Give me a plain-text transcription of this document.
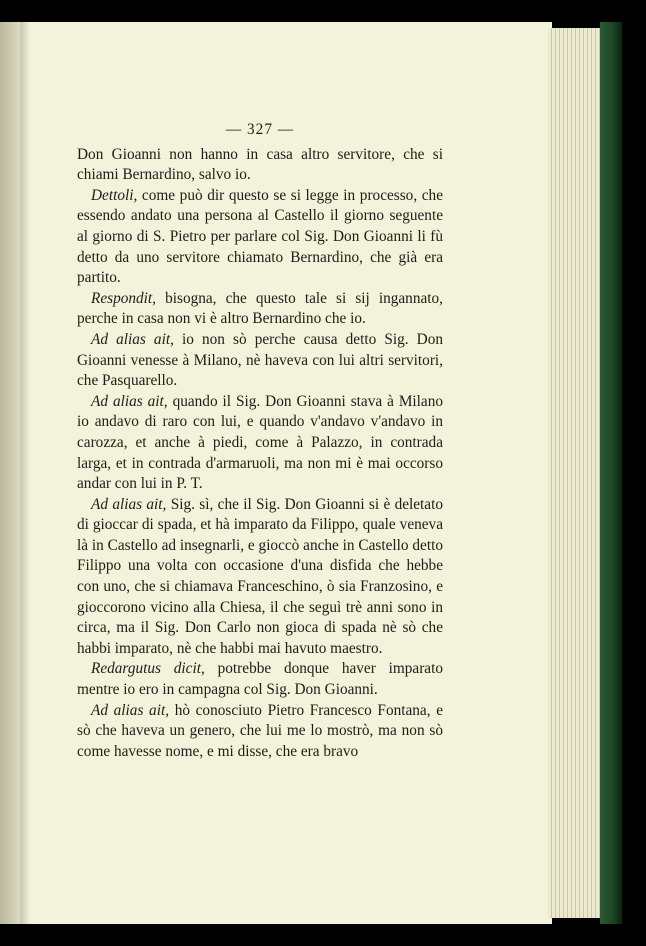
— 327 —

Don Gioanni non hanno in casa altro servitore, che si chiami Bernardino, salvo io.

Dettoli, come può dir questo se si legge in processo, che essendo andato una persona al Castello il giorno seguente al giorno di S. Pietro per parlare col Sig. Don Gioanni li fù detto da uno servitore chiamato Bernardino, che già era partito.

Respondit, bisogna, che questo tale si sij ingannato, perche in casa non vi è altro Bernardino che io.

Ad alias ait, io non sò perche causa detto Sig. Don Gioanni venesse à Milano, nè haveva con lui altri servitori, che Pasquarello.

Ad alias ait, quando il Sig. Don Gioanni stava à Milano io andavo di raro con lui, e quando v'andavo v'andavo in carozza, et anche à piedi, come à Palazzo, in contrada larga, et in contrada d'armaruoli, ma non mi è mai occorso andar con lui in P. T.

Ad alias ait, Sig. sì, che il Sig. Don Gioanni si è deletato di gioccar di spada, et hà imparato da Filippo, quale veneva là in Castello ad insegnarli, e gioccò anche in Castello detto Filippo una volta con occasione d'una disfida che hebbe con uno, che si chiamava Franceschino, ò sia Franzosino, e gioccorono vicino alla Chiesa, il che seguì trè anni sono in circa, ma il Sig. Don Carlo non gioca di spada nè sò che habbi imparato, nè che habbi mai havuto maestro.

Redargutus dicit, potrebbe donque haver imparato mentre io ero in campagna col Sig. Don Gioanni.

Ad alias ait, hò conosciuto Pietro Francesco Fontana, e sò che haveva un genero, che lui me lo mostrò, ma non sò come havesse nome, e mi disse, che era bravo
